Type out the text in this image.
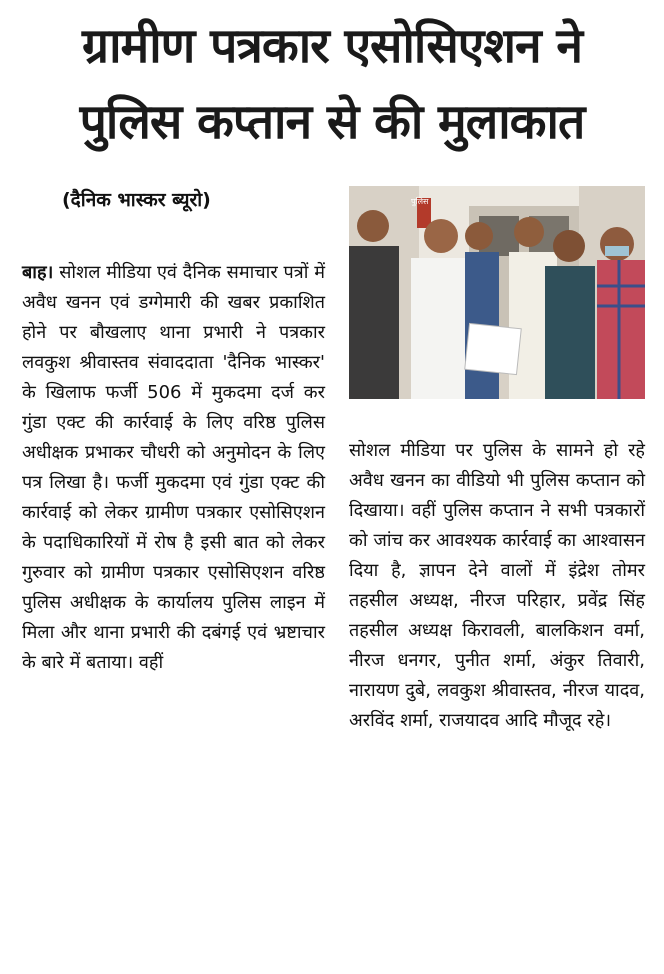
ग्रामीण पत्रकार एसोसिएशन ने
पुलिस कप्तान से की मुलाकात
(दैनिक भास्कर ब्यूरो)
बाह। सोशल मीडिया एवं दैनिक समाचार पत्रों में अवैध खनन एवं डग्गेमारी की खबर प्रकाशित होने पर बौखलाए थाना प्रभारी ने पत्रकार लवकुश श्रीवास्तव संवाददाता 'दैनिक भास्कर' के खिलाफ फर्जी 506 में मुकदमा दर्ज कर गुंडा एक्ट की कार्रवाई के लिए वरिष्ठ पुलिस अधीक्षक प्रभाकर चौधरी को अनुमोदन के लिए पत्र लिखा है। फर्जी मुकदमा एवं गुंडा एक्ट की कार्रवाई को लेकर ग्रामीण पत्रकार एसोसिएशन के पदाधिकारियों में रोष है इसी बात को लेकर गुरुवार को ग्रामीण पत्रकार एसोसिएशन वरिष्ठ पुलिस अधीक्षक के कार्यालय पुलिस लाइन में मिला और थाना प्रभारी की दबंगई एवं भ्रष्टाचार के बारे में बताया। वहीं
पुलिस
सोशल मीडिया पर पुलिस के सामने हो रहे अवैध खनन का वीडियो भी पुलिस कप्तान को दिखाया। वहीं पुलिस कप्तान ने सभी पत्रकारों को जांच कर आवश्यक कार्रवाई का आश्वासन दिया है, ज्ञापन देने वालों में इंद्रेश तोमर तहसील अध्यक्ष, नीरज परिहार, प्रवेंद्र सिंह तहसील अध्यक्ष किरावली, बालकिशन वर्मा, नीरज धनगर, पुनीत शर्मा, अंकुर तिवारी, नारायण दुबे, लवकुश श्रीवास्तव, नीरज यादव, अरविंद शर्मा, राजयादव आदि मौजूद रहे।
